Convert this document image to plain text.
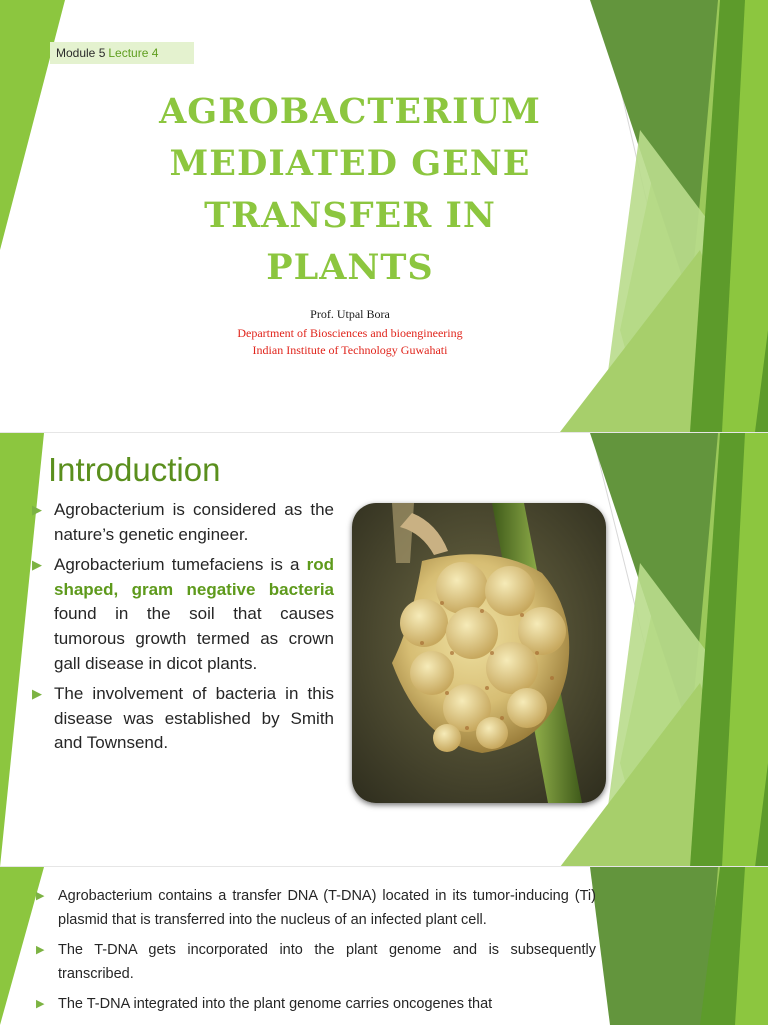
Module 5 Lecture 4
AGROBACTERIUM MEDIATED GENE TRANSFER IN PLANTS
Prof. Utpal Bora
Department of Biosciences and bioengineering
Indian Institute of Technology Guwahati
Introduction
▶ Agrobacterium is considered as the nature’s genetic engineer.
▶ Agrobacterium tumefaciens is a rod shaped, gram negative bacteria found in the soil that causes tumorous growth termed as crown gall disease in dicot plants.
▶ The involvement of bacteria in this disease was established by Smith and Townsend.
▶ Agrobacterium contains a transfer DNA (T-DNA) located in its tumor-inducing (Ti) plasmid that is transferred into the nucleus of an infected plant cell.
▶ The T-DNA gets incorporated into the plant genome and is subsequently transcribed.
▶ The T-DNA integrated into the plant genome carries oncogenes that
